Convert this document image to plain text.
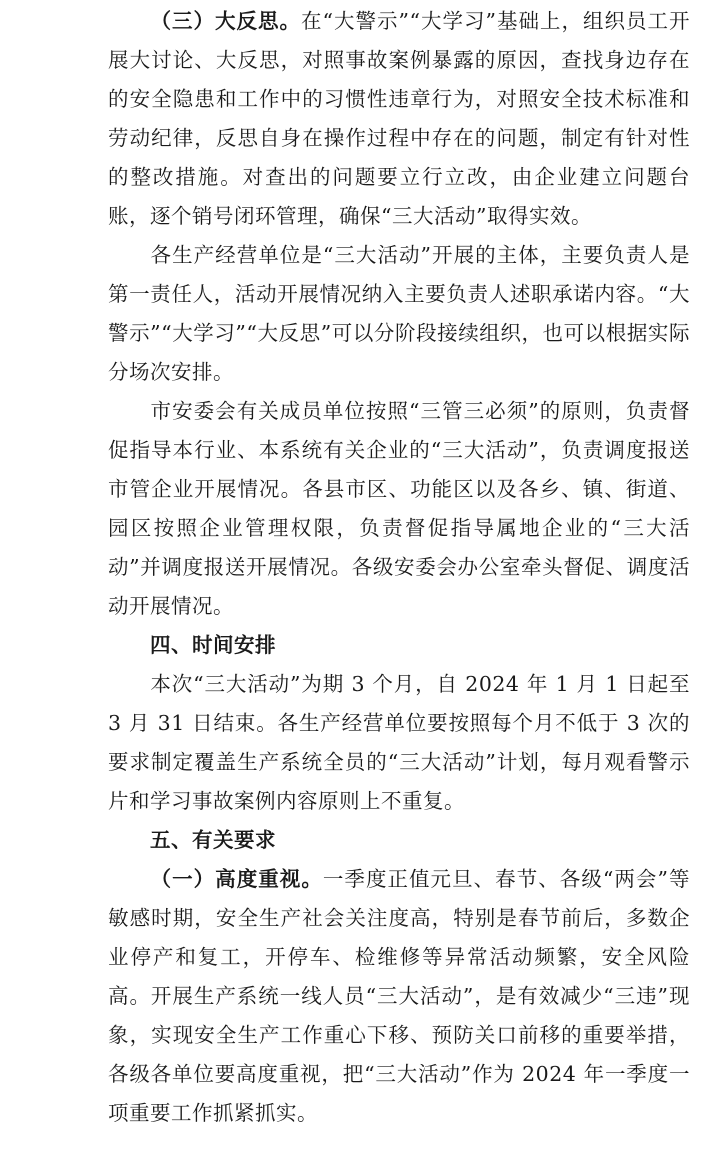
（三）大反思。在“大警示”“大学习”基础上，组织员工开展大讨论、大反思，对照事故案例暴露的原因，查找身边存在的安全隐患和工作中的习惯性违章行为，对照安全技术标准和劳动纪律，反思自身在操作过程中存在的问题，制定有针对性的整改措施。对查出的问题要立行立改，由企业建立问题台账，逐个销号闭环管理，确保“三大活动”取得实效。

各生产经营单位是“三大活动”开展的主体，主要负责人是第一责任人，活动开展情况纳入主要负责人述职承诺内容。“大警示”“大学习”“大反思”可以分阶段接续组织，也可以根据实际分场次安排。

市安委会有关成员单位按照“三管三必须”的原则，负责督促指导本行业、本系统有关企业的“三大活动”，负责调度报送市管企业开展情况。各县市区、功能区以及各乡、镇、街道、园区按照企业管理权限，负责督促指导属地企业的“三大活动”并调度报送开展情况。各级安委会办公室牵头督促、调度活动开展情况。

四、时间安排

本次“三大活动”为期 3 个月，自 2024 年 1 月 1 日起至 3 月 31 日结束。各生产经营单位要按照每个月不低于 3 次的要求制定覆盖生产系统全员的“三大活动”计划，每月观看警示片和学习事故案例内容原则上不重复。

五、有关要求

（一）高度重视。一季度正值元旦、春节、各级“两会”等敏感时期，安全生产社会关注度高，特别是春节前后，多数企业停产和复工，开停车、检维修等异常活动频繁，安全风险高。开展生产系统一线人员“三大活动”，是有效减少“三违”现象，实现安全生产工作重心下移、预防关口前移的重要举措，各级各单位要高度重视，把“三大活动”作为 2024 年一季度一项重要工作抓紧抓实。
